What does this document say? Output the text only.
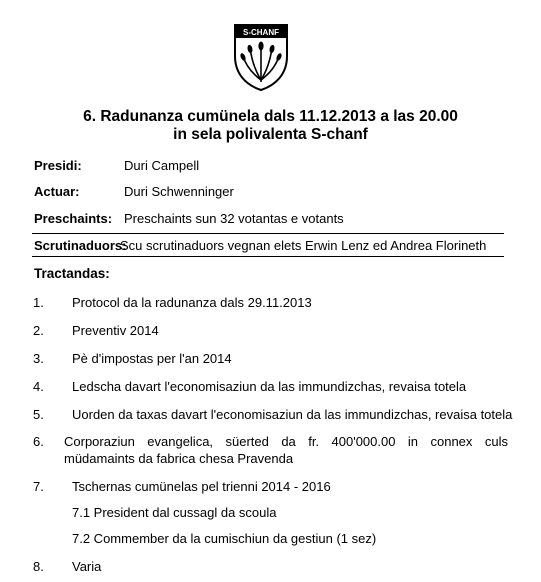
S-CHANF
6. Radunanza cumünela dals 11.12.2013 a las 20.00
in sela polivalenta S-chanf
Presidi:	Duri Campell
Actuar:	Duri Schwenninger
Preschaints: Preschaints sun 32 votantas e votants
Scrutinaduors:
Scu scrutinaduors vegnan elets Erwin Lenz ed Andrea Florineth
Tractandas:
1. Protocol da la radunanza dals 29.11.2013
2. Preventiv 2014
3. Pè d'impostas per l'an 2014
4. Ledscha davart l'economisaziun da las immundizchas, revaisa totela
5. Uorden da taxas davart l'economisaziun da las immundizchas, revaisa totela
6. Corporaziun evangelica, süerted da fr. 400'000.00 in connex culs müdamaints da fabrica chesa Pravenda
7. Tschernas cumünelas pel trienni 2014 - 2016
7.1 President dal cussagl da scoula
7.2 Commember da la cumischiun da gestiun (1 sez)
8. Varia
